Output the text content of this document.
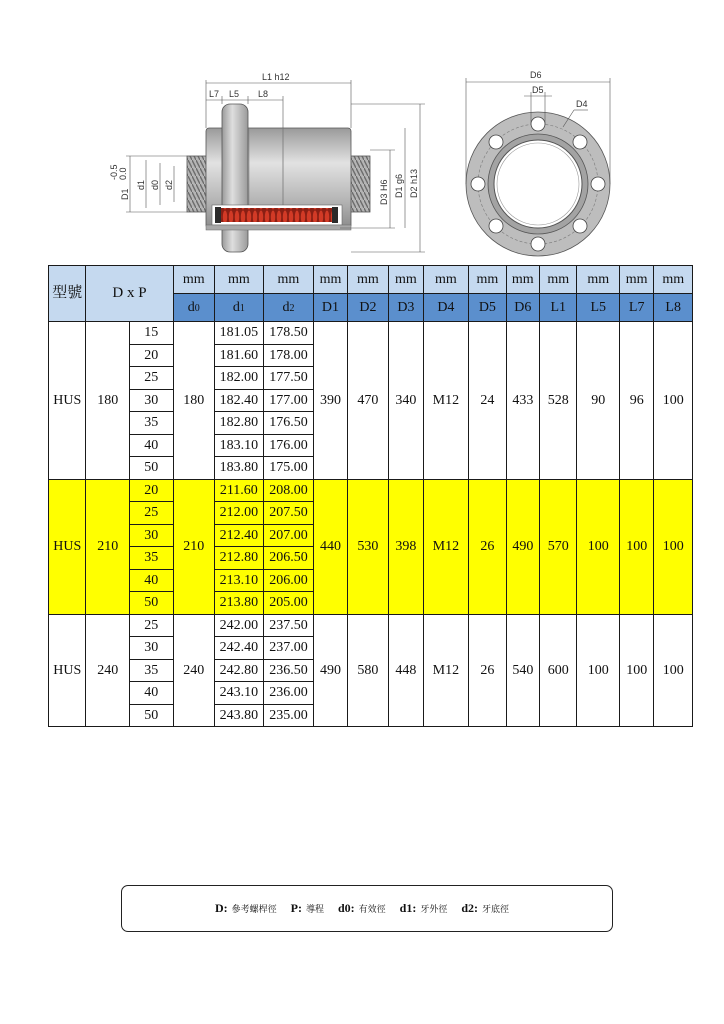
L1 h12
L7 L5 L8
-0.5 0.0
D1
d1 d0 d2	D3 H6 D1 g6 D2 h13
D6
D5
D4
型號	D x P		mm	mm	mm	mm	mm	mm	mm	mm	mm	mm	mm	mm	mm
			d0	d1	d2	D1	D2	D3	D4	D5	D6	L1	L5	L7	L8
HUS	180	15	180	181.05	178.50	390	470	340	M12	24	433	528	90	96	100
		20		181.60	178.00										
		25		182.00	177.50										
		30		182.40	177.00										
		35		182.80	176.50										
		40		183.10	176.00										
		50		183.80	175.00										
HUS	210	20	210	211.60	208.00	440	530	398	M12	26	490	570	100	100	100
		25		212.00	207.50										
		30		212.40	207.00										
		35		212.80	206.50										
		40		213.10	206.00										
		50		213.80	205.00										
HUS	240	25	240	242.00	237.50	490	580	448	M12	26	540	600	100	100	100
		30		242.40	237.00										
		35		242.80	236.50										
		40		243.10	236.00										
		50		243.80	235.00										
D: 參考螺桿徑 P: 導程 d0: 有效徑 d1: 牙外徑 d2: 牙底徑
